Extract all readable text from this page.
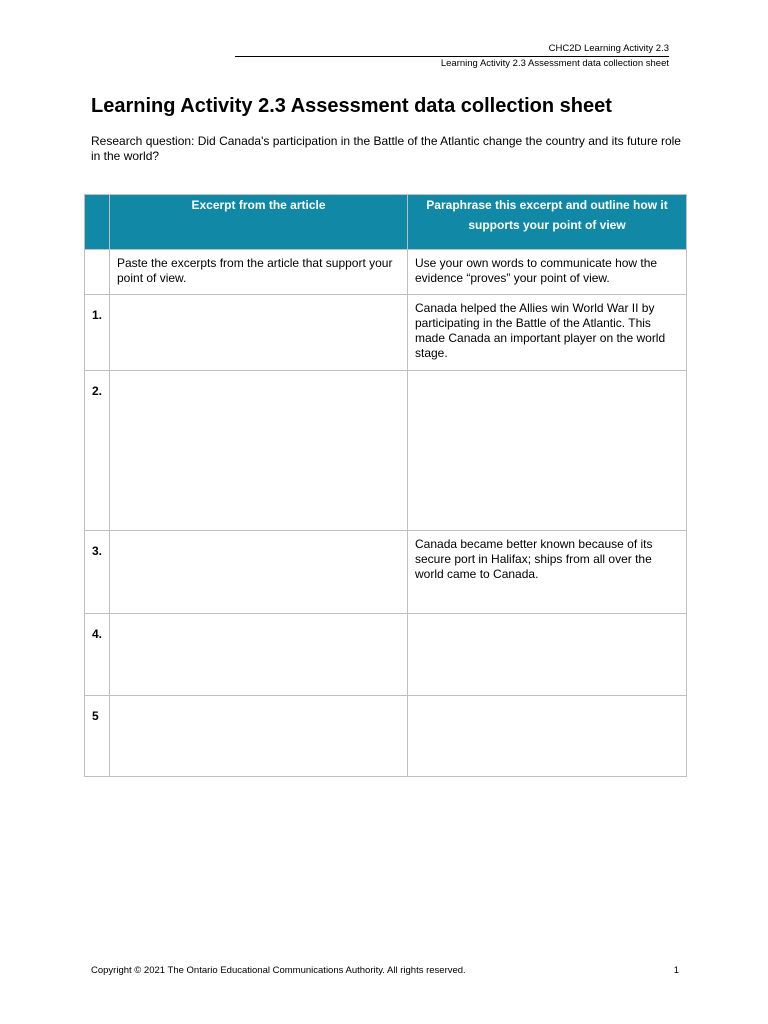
CHC2D Learning Activity 2.3
Learning Activity 2.3 Assessment data collection sheet
Learning Activity 2.3 Assessment data collection sheet

Research question: Did Canada's participation in the Battle of the Atlantic change the country and its future role in the world?

	Excerpt from the article	Paraphrase this excerpt and outline how it supports your point of view

	Paste the excerpts from the article that support your point of view.	Use your own words to communicate how the evidence “proves” your point of view.

1.		Canada helped the Allies win World War II by participating in the Battle of the Atlantic. This made Canada an important player on the world stage.

2.		

3.		Canada became better known because of its secure port in Halifax; ships from all over the world came to Canada.

4.		

5		

Copyright © 2021 The Ontario Educational Communications Authority. All rights reserved.	1
